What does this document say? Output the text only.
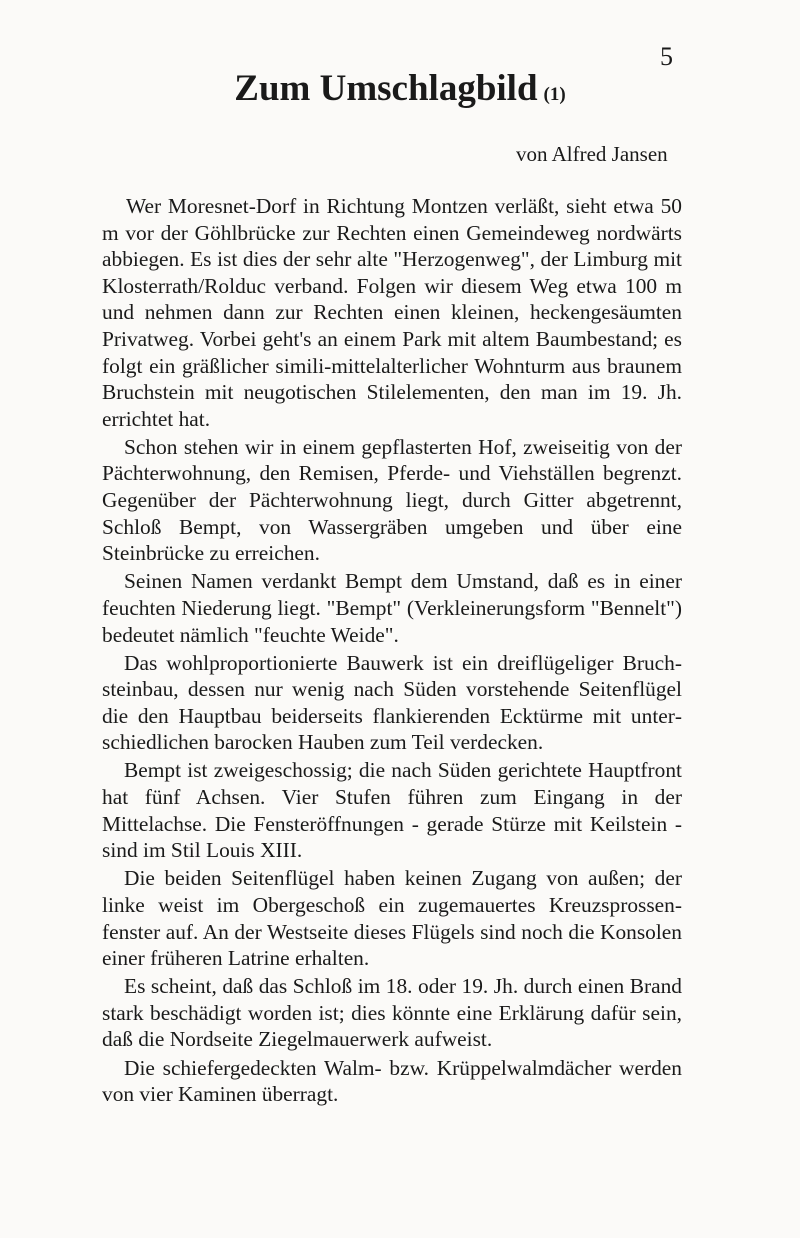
5
Zum Umschlagbild (1)
von Alfred Jansen

Wer Moresnet-Dorf in Richtung Montzen verläßt, sieht etwa 50 m vor der Göhlbrücke zur Rechten einen Gemeindeweg nordwärts abbiegen. Es ist dies der sehr alte "Herzogenweg", der Limburg mit Klosterrath/Rolduc verband. Folgen wir diesem Weg etwa 100 m und nehmen dann zur Rechten einen kleinen, heckengesäumten Privatweg. Vorbei geht's an einem Park mit altem Baumbestand; es folgt ein gräßlicher simili-mittelalterlicher Wohnturm aus braunem Bruchstein mit neugotischen Stilelementen, den man im 19. Jh. errichtet hat.

Schon stehen wir in einem gepflasterten Hof, zweiseitig von der Pächterwohnung, den Remisen, Pferde- und Viehställen begrenzt. Gegenüber der Pächterwohnung liegt, durch Gitter abgetrennt, Schloß Bempt, von Wassergräben umgeben und über eine Steinbrücke zu erreichen.

Seinen Namen verdankt Bempt dem Umstand, daß es in einer feuchten Niederung liegt. "Bempt" (Verkleinerungsform "Bennelt") bedeutet nämlich "feuchte Weide".

Das wohlproportionierte Bauwerk ist ein dreiflügeliger Bruchsteinbau, dessen nur wenig nach Süden vorstehende Seitenflügel die den Hauptbau beiderseits flankierenden Ecktürme mit unterschiedlichen barocken Hauben zum Teil verdecken.

Bempt ist zweigeschossig; die nach Süden gerichtete Hauptfront hat fünf Achsen. Vier Stufen führen zum Eingang in der Mittelachse. Die Fensteröffnungen - gerade Stürze mit Keilstein - sind im Stil Louis XIII.

Die beiden Seitenflügel haben keinen Zugang von außen; der linke weist im Obergeschoß ein zugemauertes Kreuzsprossenfenster auf. An der Westseite dieses Flügels sind noch die Konsolen einer früheren Latrine erhalten.

Es scheint, daß das Schloß im 18. oder 19. Jh. durch einen Brand stark beschädigt worden ist; dies könnte eine Erklärung dafür sein, daß die Nordseite Ziegelmauerwerk aufweist.

Die schiefergedeckten Walm- bzw. Krüppelwalmdächer werden von vier Kaminen überragt.
